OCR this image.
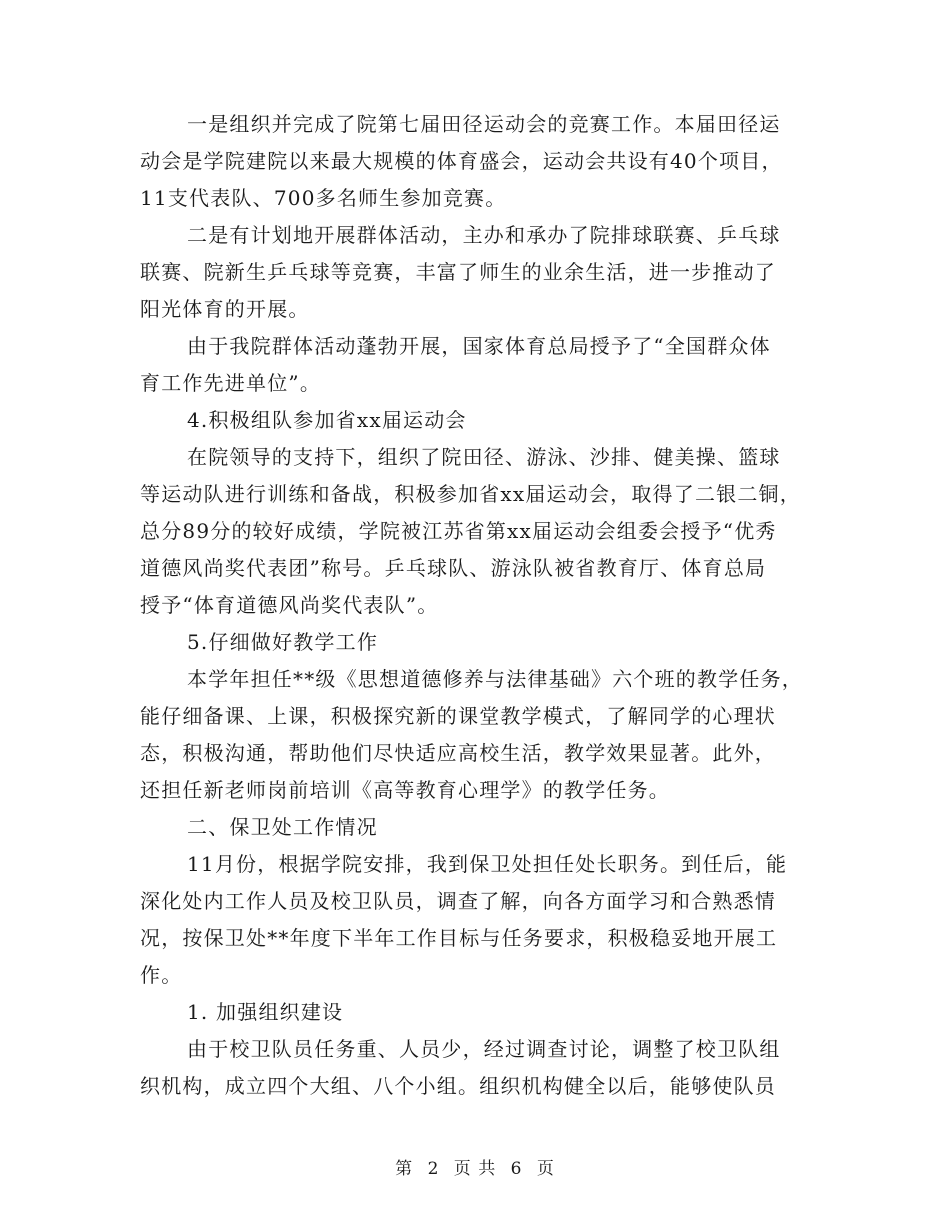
一是组织并完成了院第七届田径运动会的竞赛工作。本届田径运
动会是学院建院以来最大规模的体育盛会，运动会共设有40个项目，
11支代表队、700多名师生参加竞赛。
二是有计划地开展群体活动，主办和承办了院排球联赛、乒乓球
联赛、院新生乒乓球等竞赛，丰富了师生的业余生活，进一步推动了
阳光体育的开展。
由于我院群体活动蓬勃开展，国家体育总局授予了“全国群众体
育工作先进单位”。
4.积极组队参加省xx届运动会
在院领导的支持下，组织了院田径、游泳、沙排、健美操、篮球
等运动队进行训练和备战，积极参加省xx届运动会，取得了二银二铜，
总分89分的较好成绩，学院被江苏省第xx届运动会组委会授予“优秀
道德风尚奖代表团”称号。乒乓球队、游泳队被省教育厅、体育总局
授予“体育道德风尚奖代表队”。
5.仔细做好教学工作
本学年担任**级《思想道德修养与法律基础》六个班的教学任务，
能仔细备课、上课，积极探究新的课堂教学模式，了解同学的心理状
态，积极沟通，帮助他们尽快适应高校生活，教学效果显著。此外，
还担任新老师岗前培训《高等教育心理学》的教学任务。
二、保卫处工作情况
11月份，根据学院安排，我到保卫处担任处长职务。到任后，能
深化处内工作人员及校卫队员，调查了解，向各方面学习和合熟悉情
况，按保卫处**年度下半年工作目标与任务要求，积极稳妥地开展工
作。
1. 加强组织建设
由于校卫队员任务重、人员少，经过调查讨论，调整了校卫队组
织机构，成立四个大组、八个小组。组织机构健全以后，能够使队员
第 2 页 共 6 页
